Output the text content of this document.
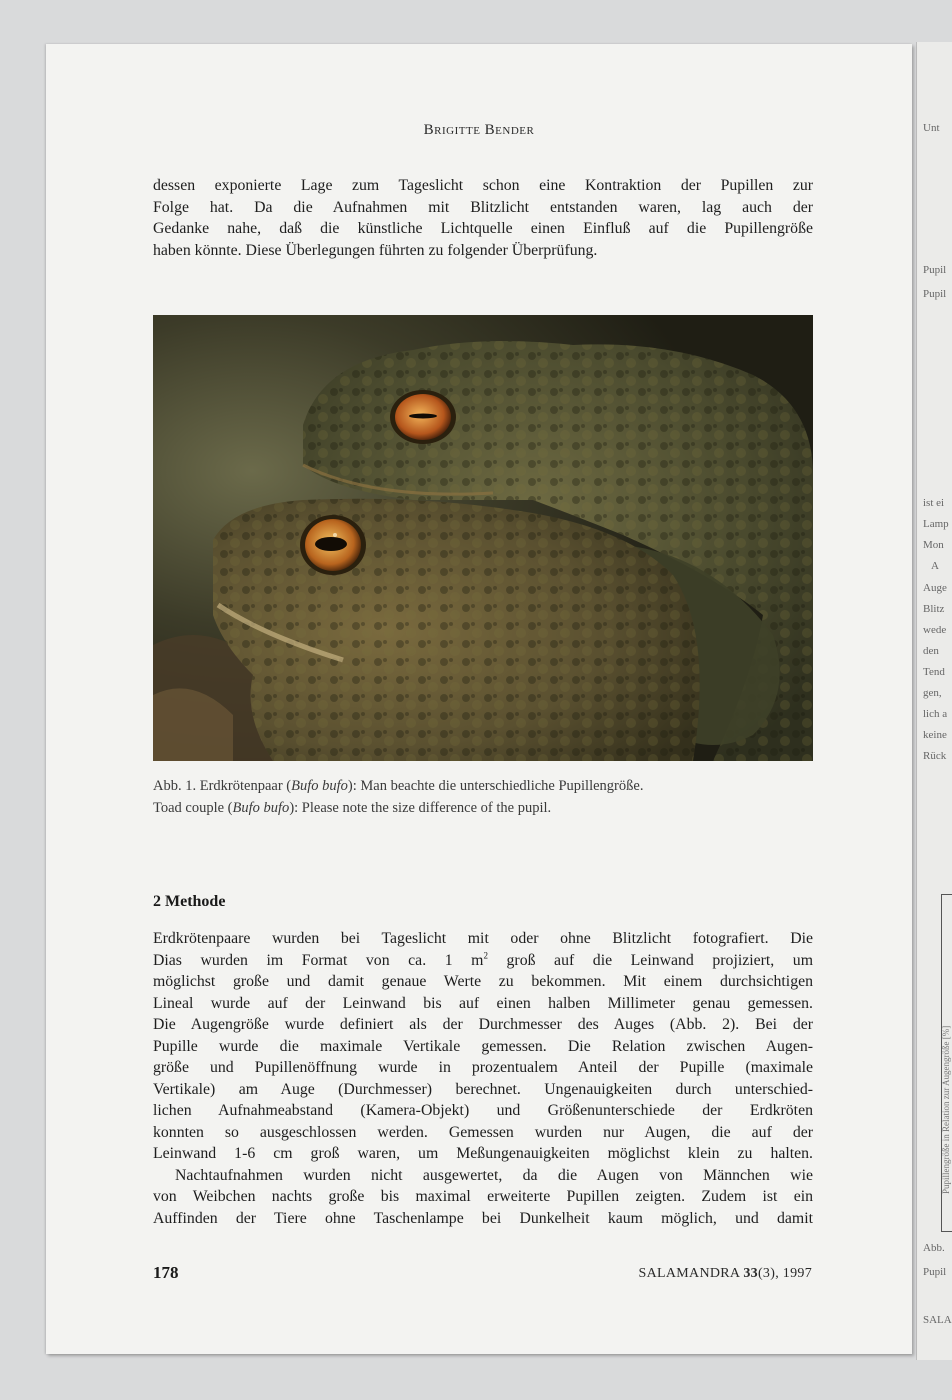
Unt
Pupil
Pupil
ist ei
Lamp
Mon
A
Auge
Blitz
wede
den
Tend
gen,
lich a
keine
Rück
Pupillengröße in Relation zur Augengröße [%]
Abb.
Pupil
SALA
Brigitte Bender
dessen exponierte Lage zum Tageslicht schon eine Kontraktion der Pupillen zur
Folge hat. Da die Aufnahmen mit Blitzlicht entstanden waren, lag auch der
Gedanke nahe, daß die künstliche Lichtquelle einen Einfluß auf die Pupillengröße
haben könnte. Diese Überlegungen führten zu folgender Überprüfung.
Abb. 1. Erdkrötenpaar (Bufo bufo): Man beachte die unterschiedliche Pupillengröße.
Toad couple (Bufo bufo): Please note the size difference of the pupil.
2 Methode
Erdkrötenpaare wurden bei Tageslicht mit oder ohne Blitzlicht fotografiert. Die
Dias wurden im Format von ca. 1 $m^2$ groß auf die Leinwand projiziert, um
möglichst große und damit genaue Werte zu bekommen. Mit einem durchsichtigen
Lineal wurde auf der Leinwand bis auf einen halben Millimeter genau gemessen.
Die Augengröße wurde definiert als der Durchmesser des Auges (Abb. 2). Bei der
Pupille wurde die maximale Vertikale gemessen. Die Relation zwischen Augen-
größe und Pupillenöffnung wurde in prozentualem Anteil der Pupille (maximale
Vertikale) am Auge (Durchmesser) berechnet. Ungenauigkeiten durch unterschied-
lichen Aufnahmeabstand (Kamera-Objekt) und Größenunterschiede der Erdkröten
konnten so ausgeschlossen werden. Gemessen wurden nur Augen, die auf der
Leinwand 1-6 cm groß waren, um Meßungenauigkeiten möglichst klein zu halten.
Nachtaufnahmen wurden nicht ausgewertet, da die Augen von Männchen wie
von Weibchen nachts große bis maximal erweiterte Pupillen zeigten. Zudem ist ein
Auffinden der Tiere ohne Taschenlampe bei Dunkelheit kaum möglich, und damit
178	SALAMANDRA 33(3), 1997
